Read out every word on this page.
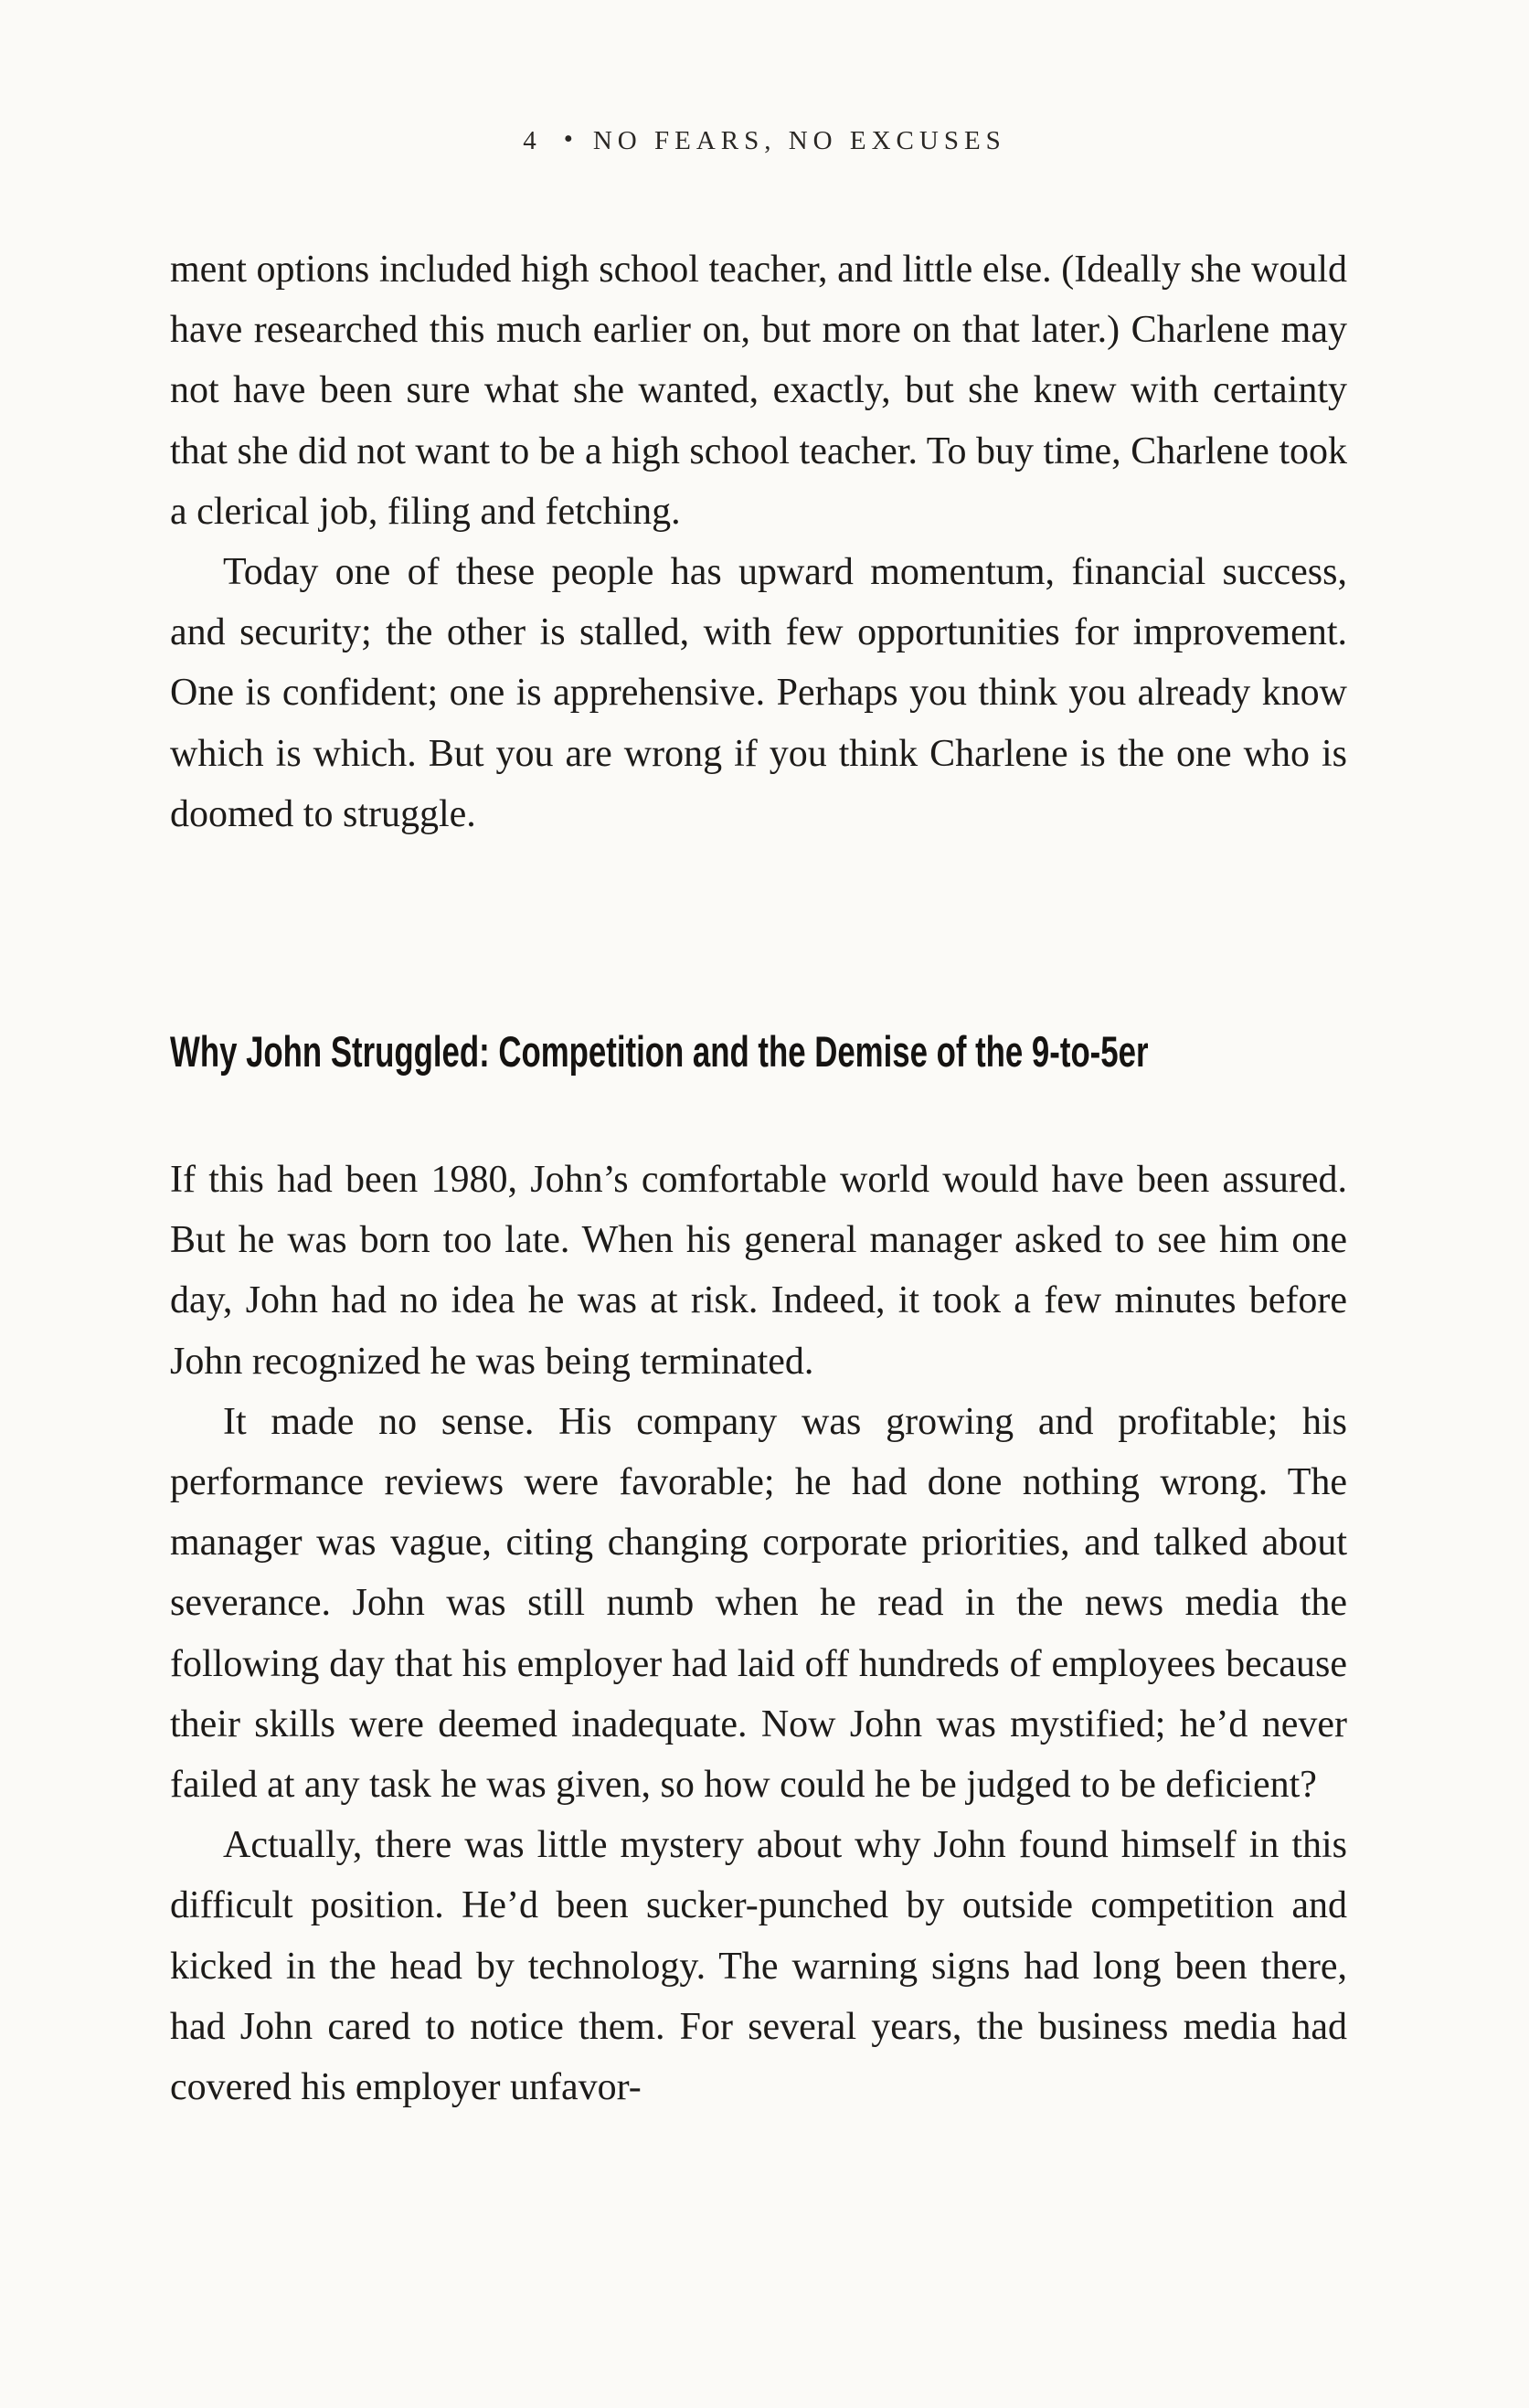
4 • NO FEARS, NO EXCUSES

ment options included high school teacher, and little else. (Ideally she would have researched this much earlier on, but more on that later.) Charlene may not have been sure what she wanted, exactly, but she knew with certainty that she did not want to be a high school teacher. To buy time, Charlene took a clerical job, filing and fetching.

Today one of these people has upward momentum, financial success, and security; the other is stalled, with few opportunities for improvement. One is confident; one is apprehensive. Perhaps you think you already know which is which. But you are wrong if you think Charlene is the one who is doomed to struggle.

Why John Struggled: Competition and the Demise of the 9-to-5er

If this had been 1980, John’s comfortable world would have been assured. But he was born too late. When his general manager asked to see him one day, John had no idea he was at risk. Indeed, it took a few minutes before John recognized he was being terminated.

It made no sense. His company was growing and profitable; his performance reviews were favorable; he had done nothing wrong. The manager was vague, citing changing corporate priorities, and talked about severance. John was still numb when he read in the news media the following day that his employer had laid off hundreds of employees because their skills were deemed inadequate. Now John was mystified; he’d never failed at any task he was given, so how could he be judged to be deficient?

Actually, there was little mystery about why John found himself in this difficult position. He’d been sucker-punched by outside competition and kicked in the head by technology. The warning signs had long been there, had John cared to notice them. For several years, the business media had covered his employer unfavor-
